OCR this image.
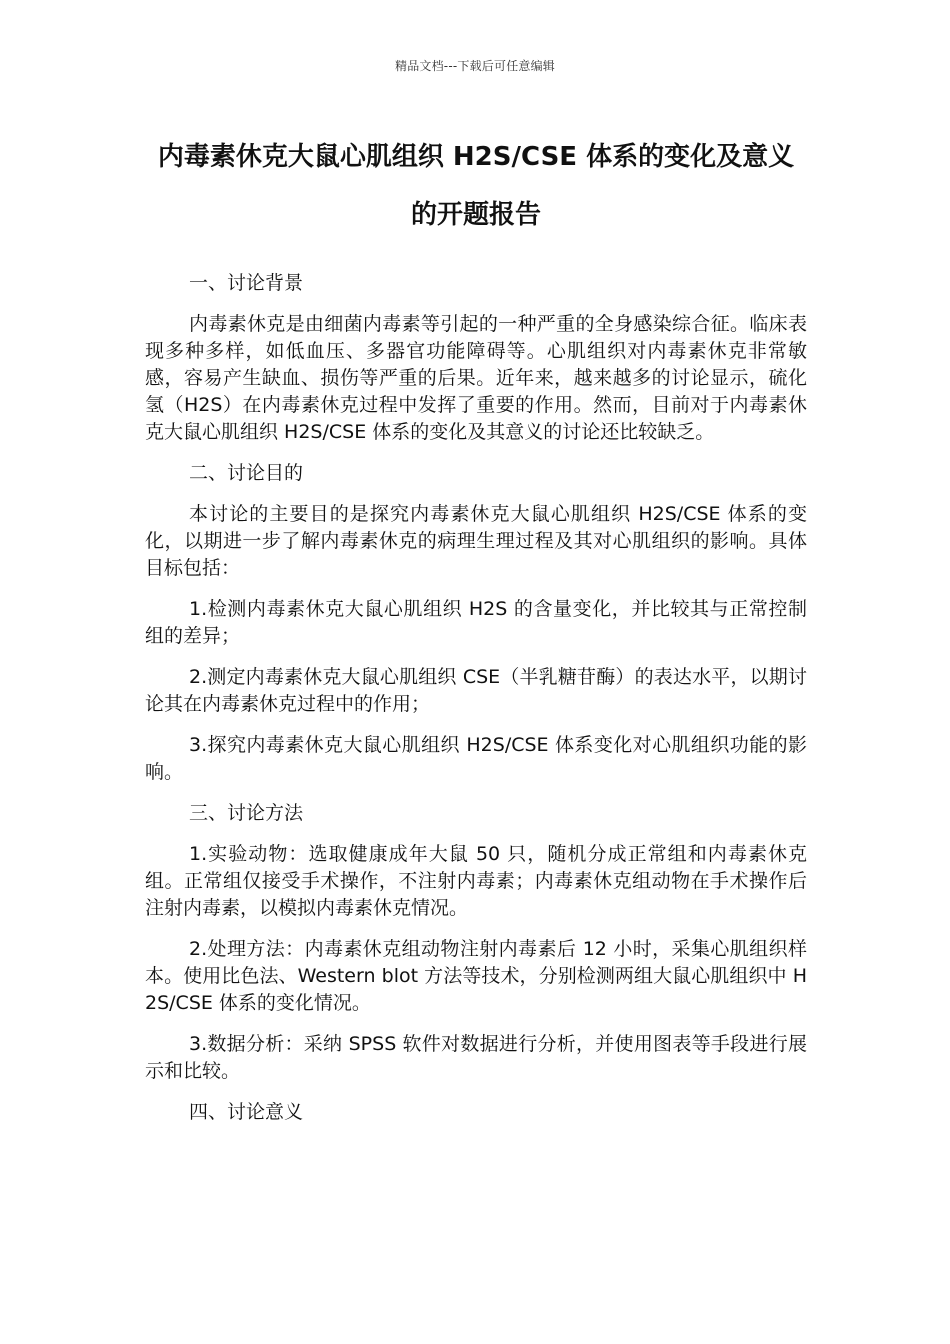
精品文档---下载后可任意编辑
内毒素休克大鼠心肌组织 H2S/CSE 体系的变化及意义的开题报告
一、讨论背景

内毒素休克是由细菌内毒素等引起的一种严重的全身感染综合征。临床表现多种多样，如低血压、多器官功能障碍等。心肌组织对内毒素休克非常敏感，容易产生缺血、损伤等严重的后果。近年来，越来越多的讨论显示，硫化氢（H2S）在内毒素休克过程中发挥了重要的作用。然而，目前对于内毒素休克大鼠心肌组织 H2S/CSE 体系的变化及其意义的讨论还比较缺乏。

二、讨论目的

本讨论的主要目的是探究内毒素休克大鼠心肌组织 H2S/CSE 体系的变化，以期进一步了解内毒素休克的病理生理过程及其对心肌组织的影响。具体目标包括：

1.检测内毒素休克大鼠心肌组织 H2S 的含量变化，并比较其与正常控制组的差异；

2.测定内毒素休克大鼠心肌组织 CSE（半乳糖苷酶）的表达水平，以期讨论其在内毒素休克过程中的作用；

3.探究内毒素休克大鼠心肌组织 H2S/CSE 体系变化对心肌组织功能的影响。

三、讨论方法

1.实验动物：选取健康成年大鼠 50 只，随机分成正常组和内毒素休克组。正常组仅接受手术操作，不注射内毒素；内毒素休克组动物在手术操作后注射内毒素，以模拟内毒素休克情况。

2.处理方法：内毒素休克组动物注射内毒素后 12 小时，采集心肌组织样本。使用比色法、Western blot 方法等技术，分别检测两组大鼠心肌组织中 H2S/CSE 体系的变化情况。

3.数据分析：采纳 SPSS 软件对数据进行分析，并使用图表等手段进行展示和比较。

四、讨论意义
